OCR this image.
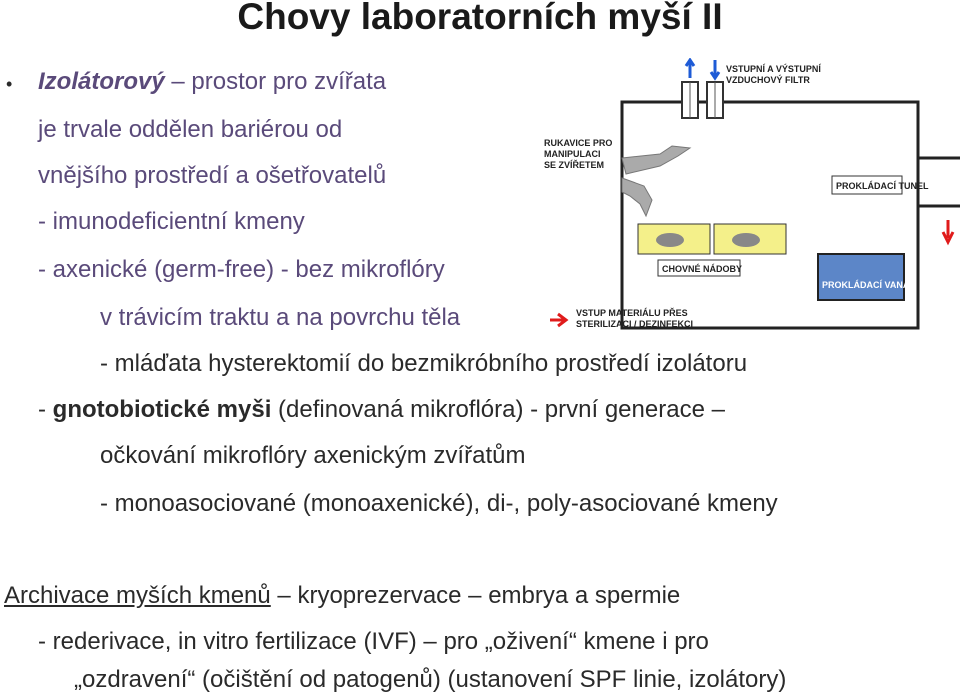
Chovy laboratorních myší II
• Izolátorový – prostor pro zvířata
je trvale oddělen bariérou od
vnějšího prostředí a ošetřovatelů
- imunodeficientní kmeny
- axenické (germ-free) - bez mikroflóry
v trávicím traktu a na povrchu těla
- mláďata hysterektomií do bezmikróbního prostředí izolátoru
- gnotobiotické myši (definovaná mikroflóra) - první generace –
očkování mikroflóry axenickým zvířatům
- monoasociované (monoaxenické), di-, poly-asociované kmeny
Archivace myších kmenů – kryoprezervace – embrya a spermie
- rederivace, in vitro fertilizace (IVF) – pro „oživení“ kmene i pro
„ozdravení“ (očištění od patogenů) (ustanovení SPF linie, izolátory)
VSTUPNÍ A VÝSTUPNÍ
VZDUCHOVÝ FILTR
RUKAVICE PRO
MANIPULACI
SE ZVÍŘETEM
PROKLÁDACÍ TUNEL
CHOVNÉ NÁDOBY
PROKLÁDACÍ VANA
VSTUP MATERIÁLU PŘES
STERILIZACI / DEZINFEKCI
